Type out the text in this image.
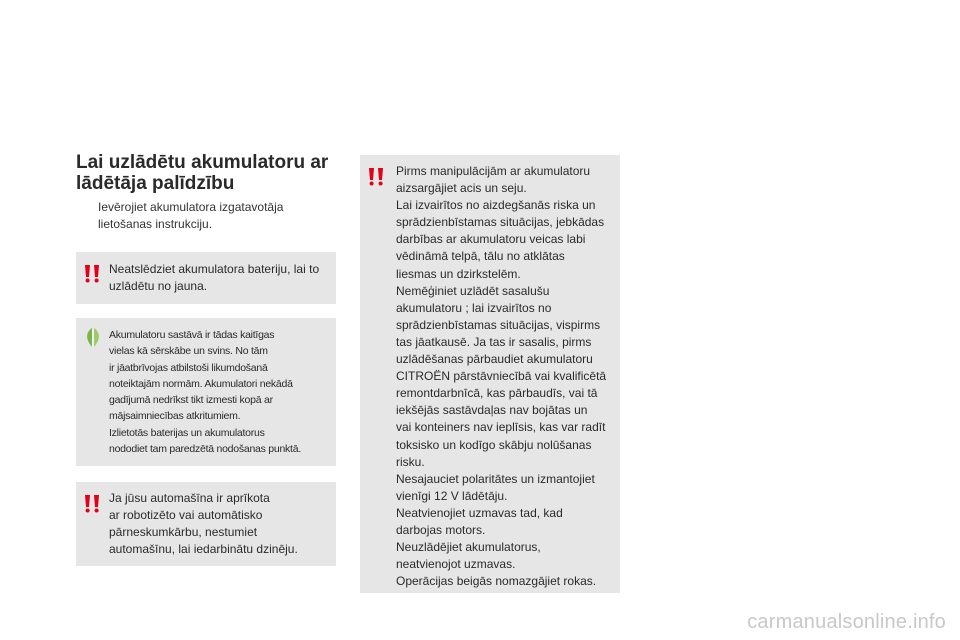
Lai uzlādētu akumulatoru ar
lādētāja palīdzību
Ievērojiet akumulatora izgatavotāja
lietošanas instrukciju.
Neatslēdziet akumulatora bateriju, lai to
uzlādētu no jauna.
Akumulatoru sastāvā ir tādas kaitīgas
vielas kā sērskābe un svins. No tām
ir jāatbrīvojas atbilstoši likumdošanā
noteiktajām normām. Akumulatori nekādā
gadījumā nedrīkst tikt izmesti kopā ar
mājsaimniecības atkritumiem.
Izlietotās baterijas un akumulatorus
nododiet tam paredzētā nodošanas punktā.
Ja jūsu automašīna ir aprīkota
ar robotizēto vai automātisko
pārneskumkārbu, nestumiet
automašīnu, lai iedarbinātu dzinēju.
Pirms manipulācijām ar akumulatoru
aizsargājiet acis un seju.
Lai izvairītos no aizdegšanās riska un
sprādzienbīstamas situācijas, jebkādas
darbības ar akumulatoru veicas labi
vēdināmā telpā, tālu no atklātas
liesmas un dzirkstelēm.
Nemēģiniet uzlādēt sasalušu
akumulatoru ; lai izvairītos no
sprādzienbīstamas situācijas, vispirms
tas jāatkausē. Ja tas ir sasalis, pirms
uzlādēšanas pārbaudiet akumulatoru
CITROËN pārstāvniecībā vai kvalificētā
remontdarbnīcā, kas pārbaudīs, vai tā
iekšējās sastāvdaļas nav bojātas un
vai konteiners nav ieplīsis, kas var radīt
toksisko un kodīgo skābju nolūšanas
risku.
Nesajauciet polaritātes un izmantojiet
vienīgi 12 V lādētāju.
Neatvienojiet uzmavas tad, kad
darbojas motors.
Neuzlādējiet akumulatorus,
neatvienojot uzmavas.
Operācijas beigās nomazgājiet rokas.
carmanualsonline.info
